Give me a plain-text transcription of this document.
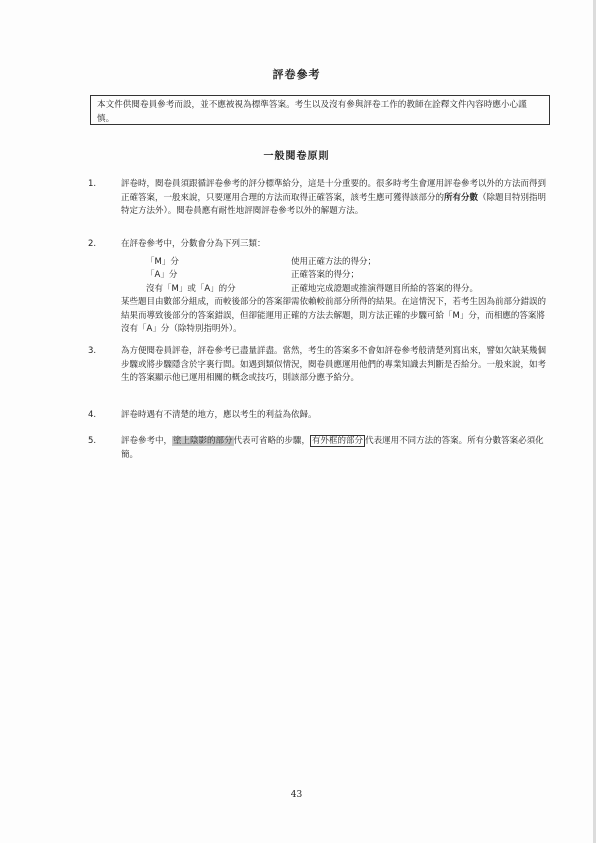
評卷參考
本文件供閱卷員參考而設，並不應被視為標準答案。考生以及沒有參與評卷工作的教師在詮釋文件內容時應小心謹慎。
一般閱卷原則
1.	評卷時，閱卷員須跟循評卷參考的評分標準給分，這是十分重要的。很多時考生會運用評卷參考以外的方法而得到正確答案，一般來說，只要運用合理的方法而取得正確答案，該考生應可獲得該部分的所有分數（除題目特別指明特定方法外）。閱卷員應有耐性地評閱評卷參考以外的解題方法。

2.	在評卷參考中，分數會分為下列三類：

「M」分	使用正確方法的得分；
「A」分	正確答案的得分；
沒有「M」或「A」的分	正確地完成證題或推演得題目所給的答案的得分。

某些題目由數部分組成，而較後部分的答案卻需依賴較前部分所得的結果。在這情況下，若考生因為前部分錯誤的結果而導致後部分的答案錯誤，但卻能運用正確的方法去解題，則方法正確的步驟可給「M」分，而相應的答案將沒有「A」分（除特別指明外）。

3.	為方便閱卷員評卷，評卷參考已盡量詳盡。當然，考生的答案多不會如評卷參考般清楚列寫出來，譬如欠缺某幾個步驟或將步驟隱含於字裏行間。如遇到類似情況，閱卷員應運用他們的專業知識去判斷是否給分。一般來說，如考生的答案顯示他已運用相關的概念或技巧，則該部分應予給分。

4.	評卷時遇有不清楚的地方，應以考生的利益為依歸。

5.	評卷參考中，塗上陰影的部分代表可省略的步驟， 有外框的部分 代表運用不同方法的答案。所有分數答案必須化簡。

43
